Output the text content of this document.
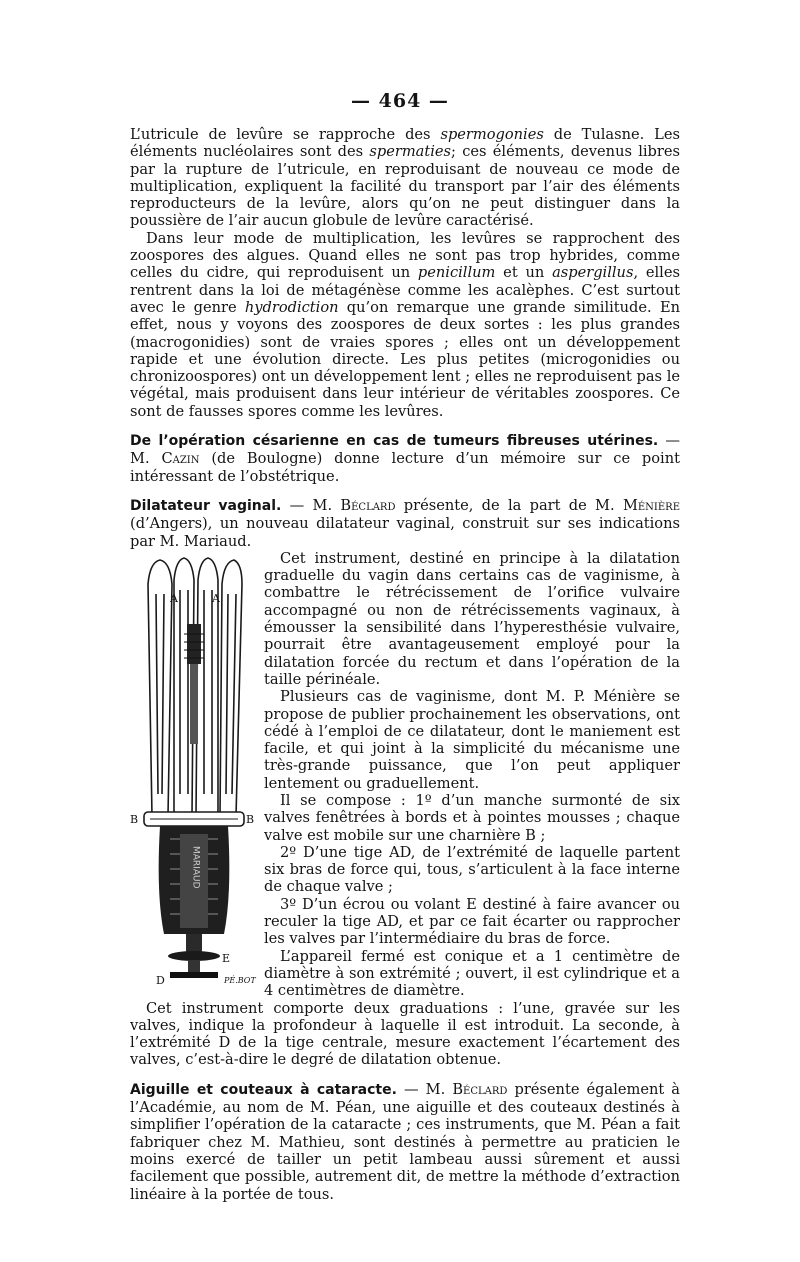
— 464 —

L’utricule de levûre se rapproche des spermogonies de Tulasne. Les éléments nucléolaires sont des spermaties; ces éléments, devenus libres par la rupture de l’utricule, en reproduisant de nouveau ce mode de multiplication, expliquent la facilité du transport par l’air des éléments reproducteurs de la levûre, alors qu’on ne peut distinguer dans la poussière de l’air aucun globule de levûre caractérisé.

Dans leur mode de multiplication, les levûres se rapprochent des zoospores des algues. Quand elles ne sont pas trop hybrides, comme celles du cidre, qui reproduisent un penicillum et un aspergillus, elles rentrent dans la loi de métagénèse comme les acalèphes. C’est surtout avec le genre hydrodiction qu’on remarque une grande similitude. En effet, nous y voyons des zoospores de deux sortes : les plus grandes (macrogonidies) sont de vraies spores ; elles ont un développement rapide et une évolution directe. Les plus petites (microgonidies ou chronizoospores) ont un développement lent ; elles ne reproduisent pas le végétal, mais produisent dans leur intérieur de véritables zoospores. Ce sont de fausses spores comme les levûres.

De l’opération césarienne en cas de tumeurs fibreuses utérines. — M. Cazin (de Boulogne) donne lecture d’un mémoire sur ce point intéressant de l’obstétrique.

Dilatateur vaginal. — M. Béclard présente, de la part de M. Ménière (d’Angers), un nouveau dilatateur vaginal, construit sur ses indications par M. Mariaud.

A	A
B	B
E
D
MARIAUD
PÉ.BOT

Cet instrument, destiné en principe à la dilatation graduelle du vagin dans certains cas de vaginisme, à combattre le rétrécissement de l’orifice vulvaire accompagné ou non de rétrécissements vaginaux, à émousser la sensibilité dans l’hyperesthésie vulvaire, pourrait être avantageusement employé pour la dilatation forcée du rectum et dans l’opération de la taille périnéale.

Plusieurs cas de vaginisme, dont M. P. Ménière se propose de publier prochainement les observations, ont cédé à l’emploi de ce dilatateur, dont le maniement est facile, et qui joint à la simplicité du mécanisme une très-grande puissance, que l’on peut appliquer lentement ou graduellement.

Il se compose : 1º d’un manche surmonté de six valves fenêtrées à bords et à pointes mousses ; chaque valve est mobile sur une charnière B ;

2º D’une tige AD, de l’extrémité de laquelle partent six bras de force qui, tous, s’articulent à la face interne de chaque valve ;

3º D’un écrou ou volant E destiné à faire avancer ou reculer la tige AD, et par ce fait écarter ou rapprocher les valves par l’intermédiaire du bras de force.

L’appareil fermé est conique et a 1 centimètre de diamètre à son extrémité ; ouvert, il est cylindrique et a 4 centimètres de diamètre.

Cet instrument comporte deux graduations : l’une, gravée sur les valves, indique la profondeur à laquelle il est introduit. La seconde, à l’extrémité D de la tige centrale, mesure exactement l’écartement des valves, c’est-à-dire le degré de dilatation obtenue.

Aiguille et couteaux à cataracte. — M. Béclard présente également à l’Académie, au nom de M. Péan, une aiguille et des couteaux destinés à simplifier l’opération de la cataracte ; ces instruments, que M. Péan a fait fabriquer chez M. Mathieu, sont destinés à permettre au praticien le moins exercé de tailler un petit lambeau aussi sûrement et aussi facilement que possible, autrement dit, de mettre la méthode d’extraction linéaire à la portée de tous.
